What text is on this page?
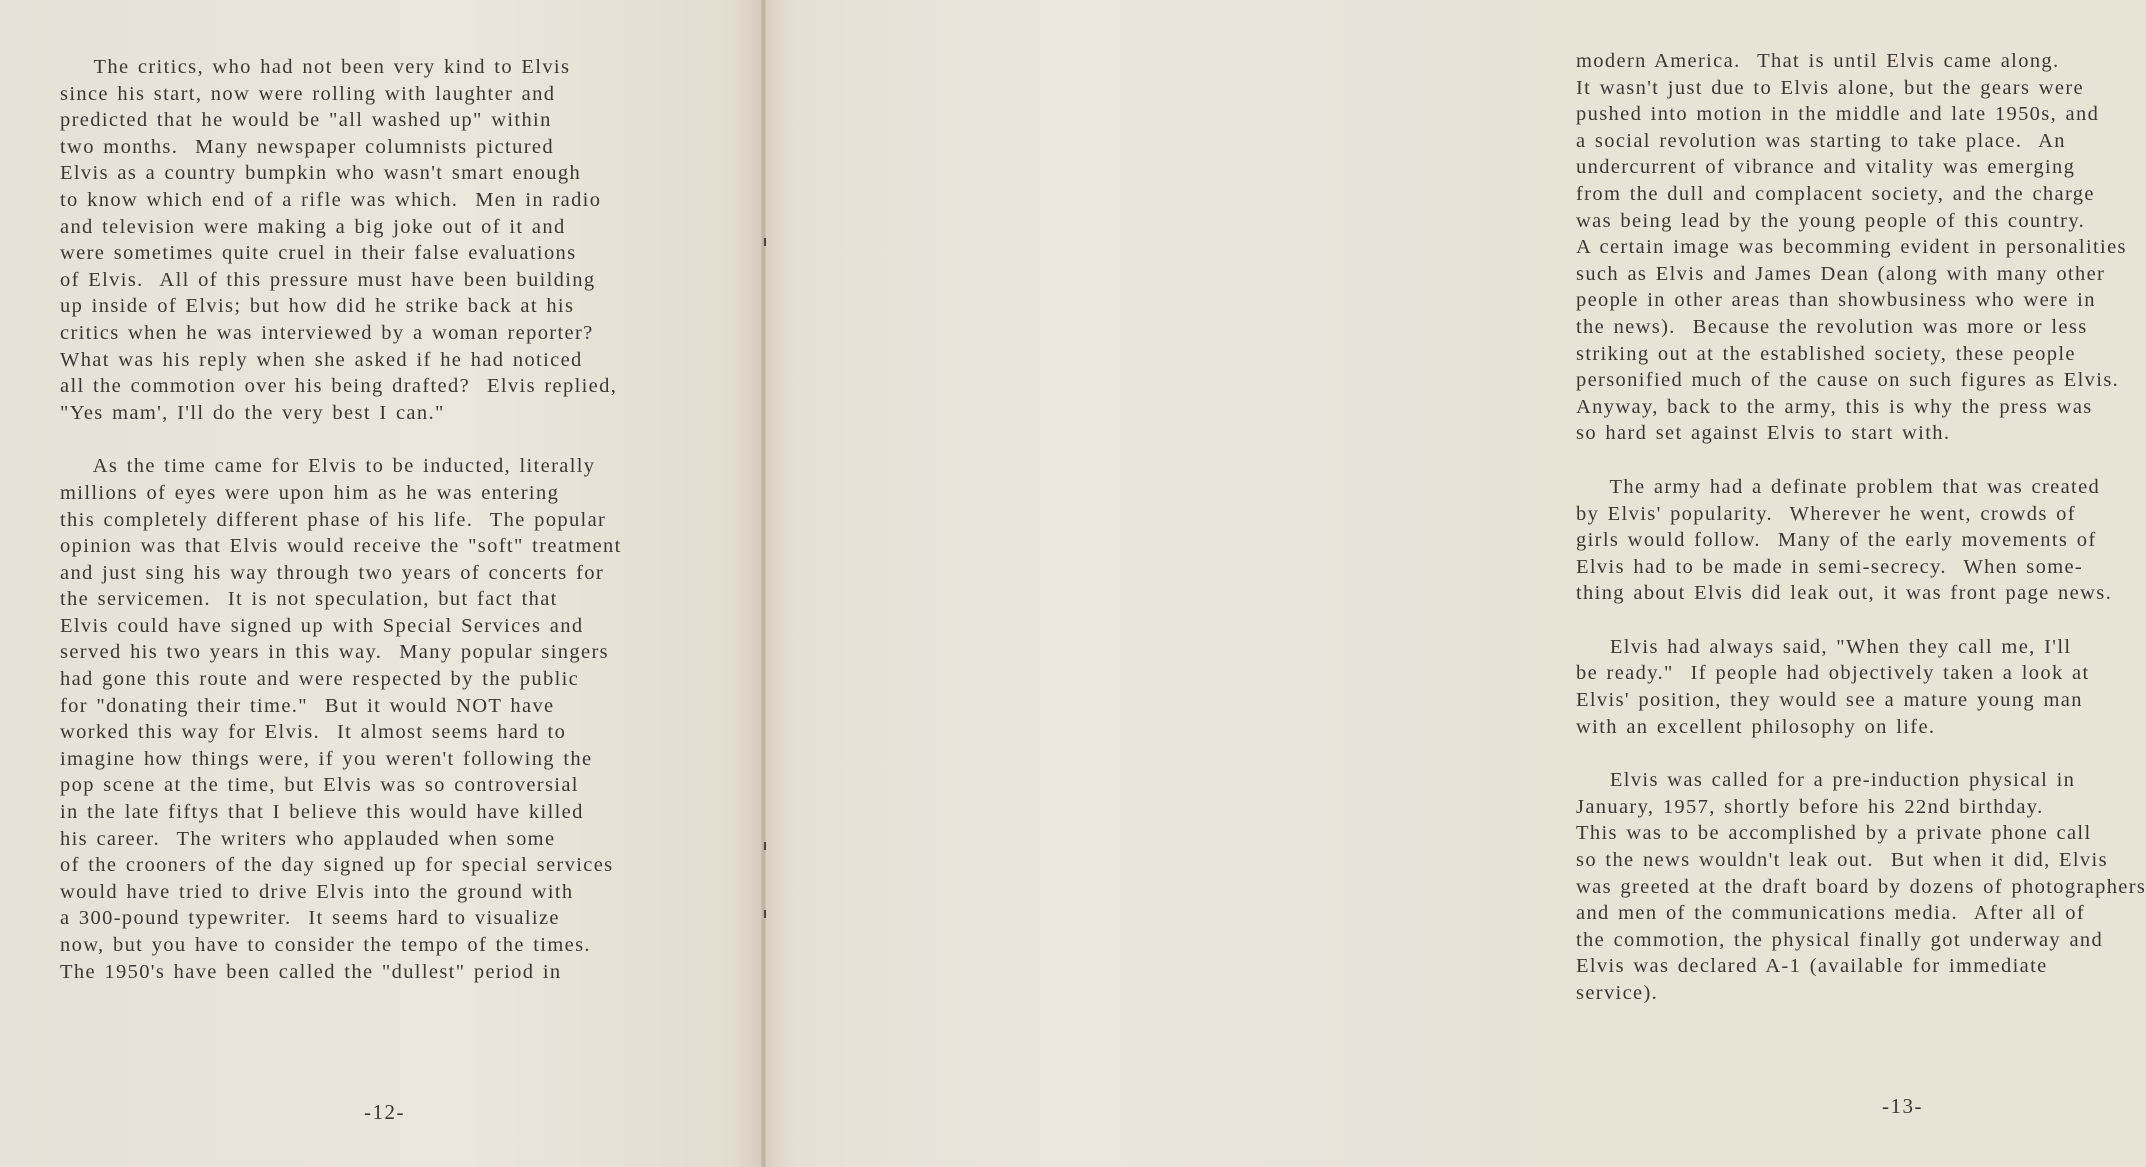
The critics, who had not been very kind to Elvis
since his start, now were rolling with laughter and
predicted that he would be "all washed up" within
two months.  Many newspaper columnists pictured
Elvis as a country bumpkin who wasn't smart enough
to know which end of a rifle was which.  Men in radio
and television were making a big joke out of it and
were sometimes quite cruel in their false evaluations
of Elvis.  All of this pressure must have been building
up inside of Elvis; but how did he strike back at his
critics when he was interviewed by a woman reporter?
What was his reply when she asked if he had noticed
all the commotion over his being drafted?  Elvis replied,
"Yes mam', I'll do the very best I can."
As the time came for Elvis to be inducted, literally
millions of eyes were upon him as he was entering
this completely different phase of his life.  The popular
opinion was that Elvis would receive the "soft" treatment
and just sing his way through two years of concerts for
the servicemen.  It is not speculation, but fact that
Elvis could have signed up with Special Services and
served his two years in this way.  Many popular singers
had gone this route and were respected by the public
for "donating their time."  But it would NOT have
worked this way for Elvis.  It almost seems hard to
imagine how things were, if you weren't following the
pop scene at the time, but Elvis was so controversial
in the late fiftys that I believe this would have killed
his career.  The writers who applauded when some
of the crooners of the day signed up for special services
would have tried to drive Elvis into the ground with
a 300-pound typewriter.  It seems hard to visualize
now, but you have to consider the tempo of the times.
The 1950's have been called the "dullest" period in
-12-
modern America.  That is until Elvis came along.
It wasn't just due to Elvis alone, but the gears were
pushed into motion in the middle and late 1950s, and
a social revolution was starting to take place.  An
undercurrent of vibrance and vitality was emerging
from the dull and complacent society, and the charge
was being lead by the young people of this country.
A certain image was becomming evident in personalities
such as Elvis and James Dean (along with many other
people in other areas than showbusiness who were in
the news).  Because the revolution was more or less
striking out at the established society, these people
personified much of the cause on such figures as Elvis.
Anyway, back to the army, this is why the press was
so hard set against Elvis to start with.
The army had a definate problem that was created
by Elvis' popularity.  Wherever he went, crowds of
girls would follow.  Many of the early movements of
Elvis had to be made in semi-secrecy.  When some-
thing about Elvis did leak out, it was front page news.
Elvis had always said, "When they call me, I'll
be ready."  If people had objectively taken a look at
Elvis' position, they would see a mature young man
with an excellent philosophy on life.
Elvis was called for a pre-induction physical in
January, 1957, shortly before his 22nd birthday.
This was to be accomplished by a private phone call
so the news wouldn't leak out.  But when it did, Elvis
was greeted at the draft board by dozens of photographers
and men of the communications media.  After all of
the commotion, the physical finally got underway and
Elvis was declared A-1 (available for immediate
service).
-13-
